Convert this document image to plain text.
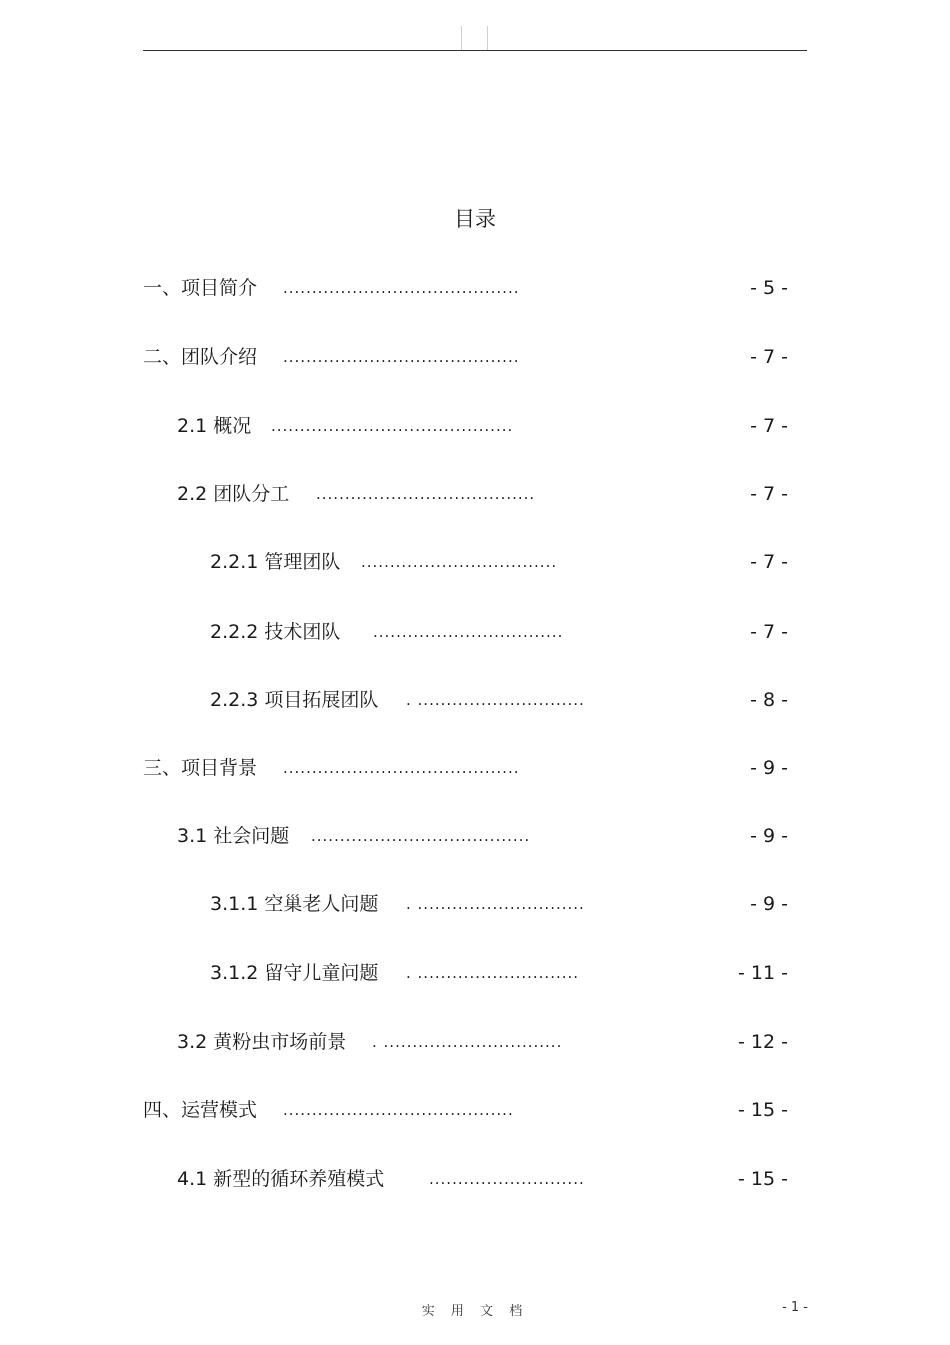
目录
一、项目简介 .........................................	- 5 -
二、团队介绍 .........................................	- 7 -
2.1 概况 ..........................................	- 7 -
2.2 团队分工 ......................................	- 7 -
2.2.1 管理团队 ..................................	- 7 -
2.2.2 技术团队 .................................	- 7 -
2.2.3 项目拓展团队 . .............................	- 8 -
三、项目背景 .........................................	- 9 -
3.1 社会问题 ......................................	- 9 -
3.1.1 空巢老人问题 . .............................	- 9 -
3.1.2 留守儿童问题 . ............................	- 11 -
3.2 黄粉虫市场前景 . ...............................	- 12 -
四、运营模式 ........................................	- 15 -
4.1 新型的循环养殖模式	...........................	- 15 -
实 用 文 档	- 1 -
